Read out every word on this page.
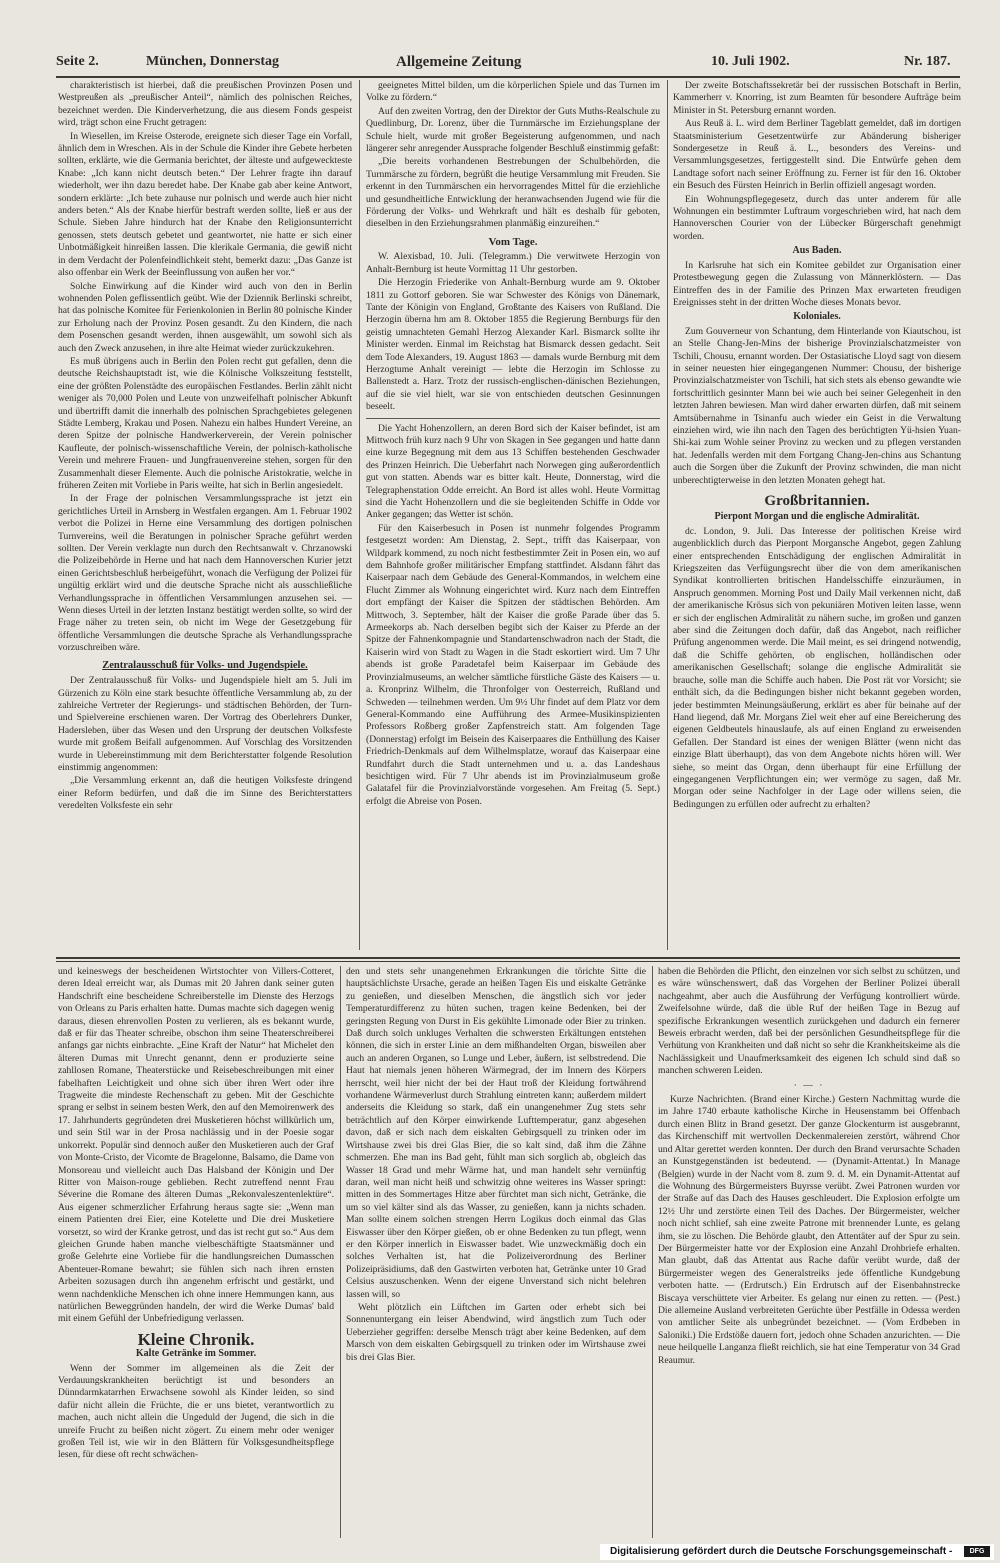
Seite 2.	München, Donnerstag	Allgemeine Zeitung	10. Juli 1902.	Nr. 187.

charakteristisch ist hierbei, daß die preußischen Provinzen Posen und Westpreußen als „preußischer Anteil“, nämlich des polnischen Reiches, bezeichnet werden. Die Kinderverhetzung, die aus diesem Fonds gespeist wird, trägt schon eine Frucht getragen:

In Wiesellen, im Kreise Osterode, ereignete sich dieser Tage ein Vorfall, ähnlich dem in Wreschen. Als in der Schule die Kinder ihre Gebete herbeten sollten, erklärte, wie die Germania berichtet, der älteste und aufgeweckteste Knabe: „Ich kann nicht deutsch beten.“ Der Lehrer fragte ihn darauf wiederholt, wer ihn dazu beredet habe. Der Knabe gab aber keine Antwort, sondern erklärte: „Ich bete zuhause nur polnisch und werde auch hier nicht anders beten.“ Als der Knabe hierfür bestraft werden sollte, ließ er aus der Schule. Sieben Jahre hindurch hat der Knabe den Religionsunterricht genossen, stets deutsch gebetet und geantwortet, nie hatte er sich einer Unbotmäßigkeit hinreißen lassen. Die klerikale Germania, die gewiß nicht in dem Verdacht der Polenfeindlichkeit steht, bemerkt dazu: „Das Ganze ist also offenbar ein Werk der Beeinflussung von außen her vor.“

Solche Einwirkung auf die Kinder wird auch von den in Berlin wohnenden Polen geflissentlich geübt. Wie der Dziennik Berlinski schreibt, hat das polnische Komitee für Ferienkolonien in Berlin 80 polnische Kinder zur Erholung nach der Provinz Posen gesandt. Zu den Kindern, die nach dem Posenschen gesandt werden, ihnen ausgewählt, um sowohl sich als auch den Zweck anzusehen, in ihre alte Heimat wieder zurückzukehren.

Es muß übrigens auch in Berlin den Polen recht gut gefallen, denn die deutsche Reichshauptstadt ist, wie die Kölnische Volkszeitung feststellt, eine der größten Polenstädte des europäischen Festlandes. Berlin zählt nicht weniger als 70,000 Polen und Leute von unzweifelhaft polnischer Abkunft und übertrifft damit die innerhalb des polnischen Sprachgebietes gelegenen Städte Lemberg, Krakau und Posen. Nahezu ein halbes Hundert Vereine, an deren Spitze der polnische Handwerkerverein, der Verein polnischer Kaufleute, der polnisch-wissenschaftliche Verein, der polnisch-katholische Verein und mehrere Frauen- und Jungfrauenvereine stehen, sorgen für den Zusammenhalt dieser Elemente. Auch die polnische Aristokratie, welche in früheren Zeiten mit Vorliebe in Paris weilte, hat sich in Berlin angesiedelt.

In der Frage der polnischen Versammlungssprache ist jetzt ein gerichtliches Urteil in Arnsberg in Westfalen ergangen. Am 1. Februar 1902 verbot die Polizei in Herne eine Versammlung des dortigen polnischen Turnvereins, weil die Beratungen in polnischer Sprache geführt werden sollten. Der Verein verklagte nun durch den Rechtsanwalt v. Chrzanowski die Polizeibehörde in Herne und hat nach dem Hannoverschen Kurier jetzt einen Gerichtsbeschluß herbeigeführt, wonach die Verfügung der Polizei für ungültig erklärt wird und die deutsche Sprache nicht als ausschließliche Verhandlungssprache in öffentlichen Versammlungen anzusehen sei. — Wenn dieses Urteil in der letzten Instanz bestätigt werden sollte, so wird der Frage näher zu treten sein, ob nicht im Wege der Gesetzgebung für öffentliche Versammlungen die deutsche Sprache als Verhandlungssprache vorzuschreiben wäre.

Zentralausschuß für Volks- und Jugendspiele.

Der Zentralausschuß für Volks- und Jugendspiele hielt am 5. Juli im Gürzenich zu Köln eine stark besuchte öffentliche Versammlung ab, zu der zahlreiche Vertreter der Regierungs- und städtischen Behörden, der Turn- und Spielvereine erschienen waren. Der Vortrag des Oberlehrers Dunker, Hadersleben, über das Wesen und den Ursprung der deutschen Volksfeste wurde mit großem Beifall aufgenommen. Auf Vorschlag des Vorsitzenden wurde in Uebereinstimmung mit dem Berichterstatter folgende Resolution einstimmig angenommen:

„Die Versammlung erkennt an, daß die heutigen Volksfeste dringend einer Reform bedürfen, und daß die im Sinne des Berichterstatters veredelten Volksfeste ein sehr

geeignetes Mittel bilden, um die körperlichen Spiele und das Turnen im Volke zu fördern.“

Auf den zweiten Vortrag, den der Direktor der Guts Muths-Realschule zu Quedlinburg, Dr. Lorenz, über die Turnmärsche im Erziehungsplane der Schule hielt, wurde mit großer Begeisterung aufgenommen, und nach längerer sehr anregender Aussprache folgender Beschluß einstimmig gefaßt:

„Die bereits vorhandenen Bestrebungen der Schulbehörden, die Turnmärsche zu fördern, begrüßt die heutige Versammlung mit Freuden. Sie erkennt in den Turnmärschen ein hervorragendes Mittel für die erziehliche und gesundheitliche Entwicklung der heranwachsenden Jugend wie für die Förderung der Volks- und Wehrkraft und hält es deshalb für geboten, dieselben in den Erziehungsrahmen planmäßig einzureihen.“

Vom Tage.

W. Alexisbad, 10. Juli. (Telegramm.) Die verwitwete Herzogin von Anhalt-Bernburg ist heute Vormittag 11 Uhr gestorben.

Die Herzogin Friederike von Anhalt-Bernburg wurde am 9. Oktober 1811 zu Gottorf geboren. Sie war Schwester des Königs von Dänemark, Tante der Königin von England, Großtante des Kaisers von Rußland. Die Herzogin überna hm am 8. Oktober 1855 die Regierung Bernburgs für den geistig umnachteten Gemahl Herzog Alexander Karl. Bismarck sollte ihr Minister werden. Einmal im Reichstag hat Bismarck dessen gedacht. Seit dem Tode Alexanders, 19. August 1863 — damals wurde Bernburg mit dem Herzogtume Anhalt vereinigt — lebte die Herzogin im Schlosse zu Ballenstedt a. Harz. Trotz der russisch-englischen-dänischen Beziehungen, auf die sie viel hielt, war sie von entschieden deutschen Gesinnungen beseelt.

Die Yacht Hohenzollern, an deren Bord sich der Kaiser befindet, ist am Mittwoch früh kurz nach 9 Uhr von Skagen in See gegangen und hatte dann eine kurze Begegnung mit dem aus 13 Schiffen bestehenden Geschwader des Prinzen Heinrich. Die Ueberfahrt nach Norwegen ging außerordentlich gut von statten. Abends war es bitter kalt. Heute, Donnerstag, wird die Telegraphenstation Odde erreicht. An Bord ist alles wohl. Heute Vormittag sind die Yacht Hohenzollern und die sie begleitenden Schiffe in Odde vor Anker gegangen; das Wetter ist schön.

Für den Kaiserbesuch in Posen ist nunmehr folgendes Programm festgesetzt worden: Am Dienstag, 2. Sept., trifft das Kaiserpaar, von Wildpark kommend, zu noch nicht festbestimmter Zeit in Posen ein, wo auf dem Bahnhofe großer militärischer Empfang stattfindet. Alsdann fährt das Kaiserpaar nach dem Gebäude des General-Kommandos, in welchem eine Flucht Zimmer als Wohnung eingerichtet wird. Kurz nach dem Eintreffen dort empfängt der Kaiser die Spitzen der städtischen Behörden. Am Mittwoch, 3. September, hält der Kaiser die große Parade über das 5. Armeekorps ab. Nach derselben begibt sich der Kaiser zu Pferde an der Spitze der Fahnenkompagnie und Standartenschwadron nach der Stadt, die Kaiserin wird von Stadt zu Wagen in die Stadt eskortiert wird. Um 7 Uhr abends ist große Paradetafel beim Kaiserpaar im Gebäude des Provinzialmuseums, an welcher sämtliche fürstliche Gäste des Kaisers — u. a. Kronprinz Wilhelm, die Thronfolger von Oesterreich, Rußland und Schweden — teilnehmen werden. Um 9½ Uhr findet auf dem Platz vor dem General-Kommando eine Aufführung des Armee-Musikinspizienten Professors Roßberg großer Zapfenstreich statt. Am folgenden Tage (Donnerstag) erfolgt im Beisein des Kaiserpaares die Enthüllung des Kaiser Friedrich-Denkmals auf dem Wilhelmsplatze, worauf das Kaiserpaar eine Rundfahrt durch die Stadt unternehmen und u. a. das Landeshaus besichtigen wird. Für 7 Uhr abends ist im Provinzialmuseum große Galatafel für die Provinzialvorstände vorgesehen. Am Freitag (5. Sept.) erfolgt die Abreise von Posen.

Der zweite Botschaftssekretär bei der russischen Botschaft in Berlin, Kammerherr v. Knorring, ist zum Beamten für besondere Aufträge beim Minister in St. Petersburg ernannt worden.

Aus Reuß ä. L. wird dem Berliner Tageblatt gemeldet, daß im dortigen Staatsministerium Gesetzentwürfe zur Abänderung bisheriger Sondergesetze in Reuß ä. L., besonders des Vereins- und Versammlungsgesetzes, fertiggestellt sind. Die Entwürfe gehen dem Landtage sofort nach seiner Eröffnung zu. Ferner ist für den 16. Oktober ein Besuch des Fürsten Heinrich in Berlin offiziell angesagt worden.

Ein Wohnungspflegegesetz, durch das unter anderem für alle Wohnungen ein bestimmter Luftraum vorgeschrieben wird, hat nach dem Hannoverschen Courier von der Lübecker Bürgerschaft genehmigt worden.

Aus Baden.

In Karlsruhe hat sich ein Komitee gebildet zur Organisation einer Protestbewegung gegen die Zulassung von Männerklöstern. — Das Eintreffen des in der Familie des Prinzen Max erwarteten freudigen Ereignisses steht in der dritten Woche dieses Monats bevor.

Koloniales.

Zum Gouverneur von Schantung, dem Hinterlande von Kiautschou, ist an Stelle Chang-Jen-Mins der bisherige Provinzialschatzmeister von Tschili, Chousu, ernannt worden. Der Ostasiatische Lloyd sagt von diesem in seiner neuesten hier eingegangenen Nummer: Chousu, der bisherige Provinzialschatzmeister von Tschili, hat sich stets als ebenso gewandte wie fortschrittlich gesinnter Mann bei wie auch bei seiner Gelegenheit in den letzten Jahren bewiesen. Man wird daher erwarten dürfen, daß mit seinem Amtsübernahme in Tsinanfu auch wieder ein Geist in die Verwaltung einziehen wird, wie ihn nach den Tagen des berüchtigten Yü-hsien Yuan-Shi-kai zum Wohle seiner Provinz zu wecken und zu pflegen verstanden hat. Jedenfalls werden mit dem Fortgang Chang-Jen-chins aus Schantung auch die Sorgen über die Zukunft der Provinz schwinden, die man nicht unberechtigterweise in den letzten Monaten gehegt hat.

Großbritannien.
Pierpont Morgan und die englische Admiralität.

dc. London, 9. Juli. Das Interesse der politischen Kreise wird augenblicklich durch das Pierpont Morgansche Angebot, gegen Zahlung einer entsprechenden Entschädigung der englischen Admiralität in Kriegszeiten das Verfügungsrecht über die von dem amerikanischen Syndikat kontrollierten britischen Handelsschiffe einzuräumen, in Anspruch genommen. Morning Post und Daily Mail verkennen nicht, daß der amerikanische Krösus sich von pekuniären Motiven leiten lasse, wenn er sich der englischen Admiralität zu nähern suche, im großen und ganzen aber sind die Zeitungen doch dafür, daß das Angebot, nach reiflicher Prüfung angenommen werde. Die Mail meint, es sei dringend notwendig, daß die Schiffe gehörten, ob englischen, holländischen oder amerikanischen Gesellschaft; solange die englische Admiralität sie brauche, solle man die Schiffe auch haben. Die Post rät vor Vorsicht; sie enthält sich, da die Bedingungen bisher nicht bekannt gegeben worden, jeder bestimmten Meinungsäußerung, erklärt es aber für beinahe auf der Hand liegend, daß Mr. Morgans Ziel weit eher auf eine Bereicherung des eigenen Geldbeutels hinauslaufe, als auf einen England zu erweisenden Gefallen. Der Standard ist eines der wenigen Blätter (wenn nicht das einzige Blatt überhaupt), das von dem Angebote nichts hören will. Wer siehe, so meint das Organ, denn überhaupt für eine Erfüllung der eingegangenen Verpflichtungen ein; wer vermöge zu sagen, daß Mr. Morgan oder seine Nachfolger in der Lage oder willens seien, die Bedingungen zu erfüllen oder aufrecht zu erhalten?

und keineswegs der bescheidenen Wirtstochter von Villers-Cotteret, deren Ideal erreicht war, als Dumas mit 20 Jahren dank seiner guten Handschrift eine bescheidene Schreiberstelle im Dienste des Herzogs von Orleans zu Paris erhalten hatte. Dumas machte sich dagegen wenig daraus, diesen ehrenvollen Posten zu verlieren, als es bekannt wurde, daß er für das Theater schreibe, obschon ihm seine Theaterschreiberei anfangs gar nichts einbrachte. „Eine Kraft der Natur“ hat Michelet den älteren Dumas mit Unrecht genannt, denn er produzierte seine zahllosen Romane, Theaterstücke und Reisebeschreibungen mit einer fabelhaften Leichtigkeit und ohne sich über ihren Wert oder ihre Tragweite die mindeste Rechenschaft zu geben. Mit der Geschichte sprang er selbst in seinem besten Werk, den auf den Memoirenwerk des 17. Jahrhunderts gegründeten drei Musketieren höchst willkürlich um, und sein Stil war in der Prosa nachlässig und in der Poesie sogar unkorrekt. Populär sind dennoch außer den Musketieren auch der Graf von Monte-Cristo, der Vicomte de Bragelonne, Balsamo, die Dame von Monsoreau und vielleicht auch Das Halsband der Königin und Der Ritter von Maison-rouge geblieben. Recht zutreffend nennt Frau Séverine die Romane des älteren Dumas „Rekonvaleszentenlektüre“. Aus eigener schmerzlicher Erfahrung heraus sagte sie: „Wenn man einem Patienten drei Eier, eine Kotelette und Die drei Musketiere vorsetzt, so wird der Kranke getrost, und das ist recht gut so.“ Aus dem gleichen Grunde haben manche vielbeschäftigte Staatsmänner und große Gelehrte eine Vorliebe für die handlungsreichen Dumasschen Abenteuer-Romane bewahrt; sie fühlen sich nach ihren ernsten Arbeiten sozusagen durch ihn angenehm erfrischt und gestärkt, und wenn nachdenkliche Menschen ich ohne innere Hemmungen kann, aus natürlichen Beweggründen handeln, der wird die Werke Dumas' bald mit einem Gefühl der Unbefriedigung verlassen.

Kleine Chronik.
Kalte Getränke im Sommer.

Wenn der Sommer im allgemeinen als die Zeit der Verdauungskrankheiten berüchtigt ist und besonders an Dünndarmkatarrhen Erwachsene sowohl als Kinder leiden, so sind dafür nicht allein die Früchte, die er uns bietet, verantwortlich zu machen, auch nicht allein die Ungeduld der Jugend, die sich in die unreife Frucht zu beißen nicht zögert. Zu einem mehr oder weniger großen Teil ist, wie wir in den Blättern für Volksgesundheitspflege lesen, für diese oft recht schwächen-

den und stets sehr unangenehmen Erkrankungen die törichte Sitte die hauptsächlichste Ursache, gerade an heißen Tagen Eis und eiskalte Getränke zu genießen, und dieselben Menschen, die ängstlich sich vor jeder Temperaturdifferenz zu hüten suchen, tragen keine Bedenken, bei der geringsten Regung von Durst in Eis gekühlte Limonade oder Bier zu trinken. Daß durch solch unkluges Verhalten die schwersten Erkältungen entstehen können, die sich in erster Linie an dem mißhandelten Organ, bisweilen aber auch an anderen Organen, so Lunge und Leber, äußern, ist selbstredend. Die Haut hat niemals jenen höheren Wärmegrad, der im Innern des Körpers herrscht, weil hier nicht der bei der Haut troß der Kleidung fortwährend vorhandene Wärmeverlust durch Strahlung eintreten kann; außerdem mildert anderseits die Kleidung so stark, daß ein unangenehmer Zug stets sehr beträchtlich auf den Körper einwirkende Lufttemperatur, ganz abgesehen davon, daß er sich nach dem eiskalten Gebirgsquell zu trinken oder im Wirtshause zwei bis drei Glas Bier, die so kalt sind, daß ihm die Zähne schmerzen. Ehe man ins Bad geht, fühlt man sich sorglich ab, obgleich das Wasser 18 Grad und mehr Wärme hat, und man handelt sehr vernünftig daran, weil man nicht heiß und schwitzig ohne weiteres ins Wasser springt: mitten in des Sommertages Hitze aber fürchtet man sich nicht, Getränke, die um so viel kälter sind als das Wasser, zu genießen, kann ja nichts schaden. Man sollte einem solchen strengen Herrn Logikus doch einmal das Glas Eiswasser über den Körper gießen, ob er ohne Bedenken zu tun pflegt, wenn er den Körper innerlich in Eiswasser badet. Wie unzweckmäßig doch ein solches Verhalten ist, hat die Polizeiverordnung des Berliner Polizeipräsidiums, daß den Gastwirten verboten hat, Getränke unter 10 Grad Celsius auszuschenken. Wenn der eigene Unverstand sich nicht belehren lassen will, so

Weht plötzlich ein Lüftchen im Garten oder erhebt sich bei Sonnenuntergang ein leiser Abendwind, wird ängstlich zum Tuch oder Ueberzieher gegriffen: derselbe Mensch trägt aber keine Bedenken, auf dem Marsch von dem eiskalten Gebirgsquell zu trinken oder im Wirtshause zwei bis drei Glas Bier.

haben die Behörden die Pflicht, den einzelnen vor sich selbst zu schützen, und es wäre wünschenswert, daß das Vorgehen der Berliner Polizei überall nachgeahmt, aber auch die Ausführung der Verfügung kontrolliert würde. Zweifelsohne würde, daß die üble Ruf der heißen Tage in Bezug auf spezifische Erkrankungen wesentlich zurückgehen und dadurch ein fernerer Beweis erbracht werden, daß bei der persönlichen Gesundheitspflege für die Verhütung von Krankheiten und daß nicht so sehr die Krankheitskeime als die Nachlässigkeit und Unaufmerksamkeit des eigenen Ich schuld sind daß so manchen schweren Leiden.

· — ·

Kurze Nachrichten. (Brand einer Kirche.) Gestern Nachmittag wurde die im Jahre 1740 erbaute katholische Kirche in Heusenstamm bei Offenbach durch einen Blitz in Brand gesetzt. Der ganze Glockenturm ist ausgebrannt, das Kirchenschiff mit wertvollen Deckenmalereien zerstört, während Chor und Altar gerettet werden konnten. Der durch den Brand verursachte Schaden an Kunstgegenständen ist bedeutend. — (Dynamit-Attentat.) In Manage (Belgien) wurde in der Nacht vom 8. zum 9. d. M. ein Dynamit-Attentat auf die Wohnung des Bürgermeisters Buyrsse verübt. Zwei Patronen wurden vor der Straße auf das Dach des Hauses geschleudert. Die Explosion erfolgte um 12½ Uhr und zerstörte einen Teil des Daches. Der Bürgermeister, welcher noch nicht schlief, sah eine zweite Patrone mit brennender Lunte, es gelang ihm, sie zu löschen. Die Behörde glaubt, den Attentäter auf der Spur zu sein. Der Bürgermeister hatte vor der Explosion eine Anzahl Drohbriefe erhalten. Man glaubt, daß das Attentat aus Rache dafür verübt wurde, daß der Bürgermeister wegen des Generalstreiks jede öffentliche Kundgebung verboten hatte. — (Erdrutsch.) Ein Erdrutsch auf der Eisenbahnstrecke Biscaya verschüttete vier Arbeiter. Es gelang nur einen zu retten. — (Pest.) Die allemeine Ausland verbreiteten Gerüchte über Pestfälle in Odessa werden von amtlicher Seite als unbegründet bezeichnet. — (Vom Erdbeben in Saloniki.) Die Erdstöße dauern fort, jedoch ohne Schaden anzurichten. — Die neue heilquelle Langanza fließt reichlich, sie hat eine Temperatur von 34 Grad Reaumur.

Digitalisierung gefördert durch die Deutsche Forschungsgemeinschaft -	DFG
